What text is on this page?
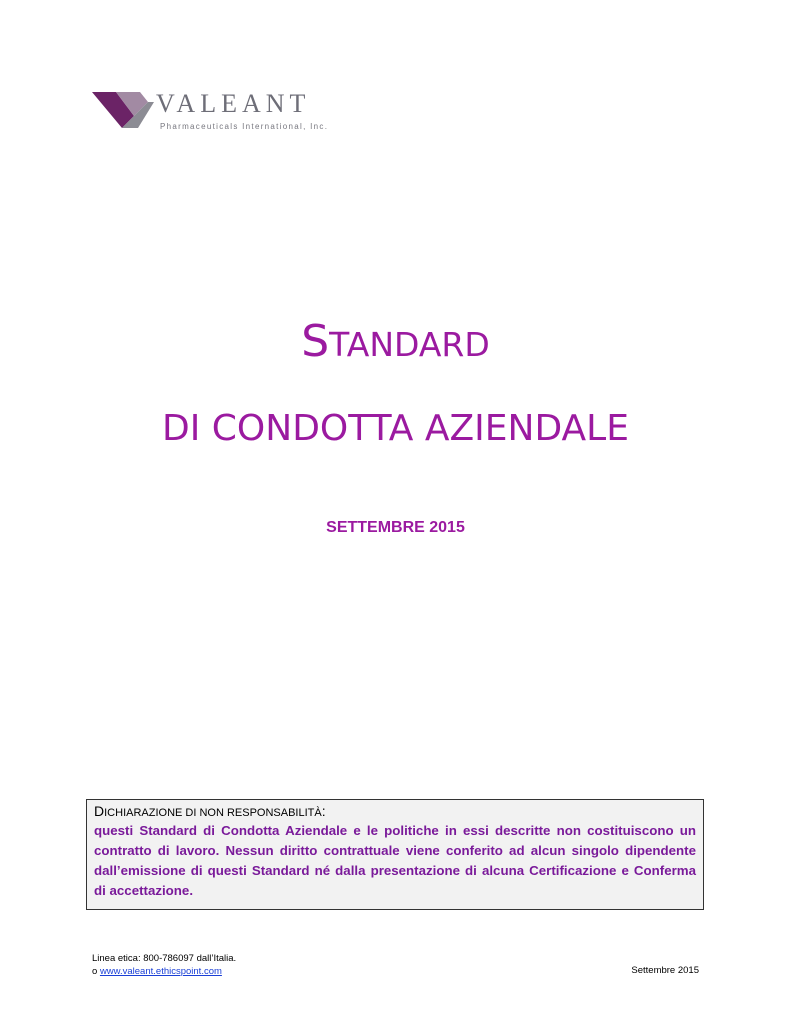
VALEANT
Pharmaceuticals International, Inc.
STANDARD
DI CONDOTTA AZIENDALE
SETTEMBRE 2015
DICHIARAZIONE DI NON RESPONSABILITÀ:
questi Standard di Condotta Aziendale e le politiche in essi descritte non costituiscono un contratto di lavoro. Nessun diritto contrattuale viene conferito ad alcun singolo dipendente dall’emissione di questi Standard né dalla presentazione di alcuna Certificazione e Conferma di accettazione.
Linea etica: 800-786097 dall’Italia.
o www.valeant.ethicspoint.com	Settembre 2015
